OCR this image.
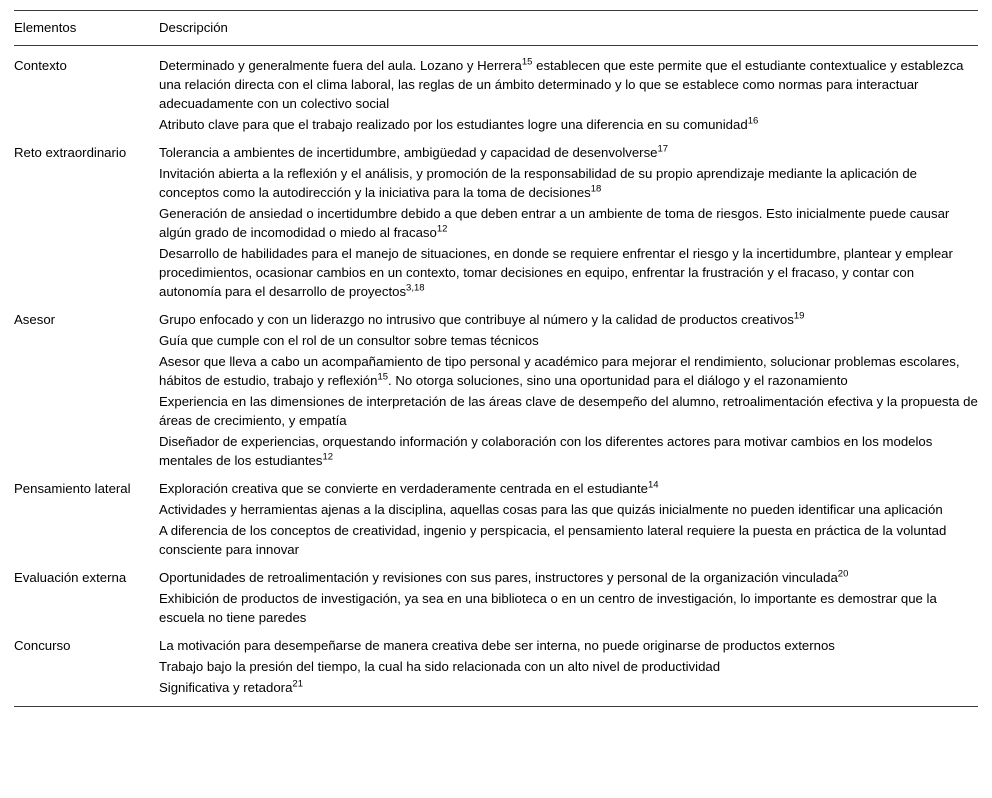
Elementos	Descripción

Contexto	Determinado y generalmente fuera del aula. Lozano y Herrera$^{15}$ establecen que este permite que el estudiante contextualice y establezca una relación directa con el clima laboral, las reglas de un ámbito determinado y lo que se establece como normas para interactuar adecuadamente con un colectivo social
Atributo clave para que el trabajo realizado por los estudiantes logre una diferencia en su comunidad$^{16}$

Reto extraordinario	Tolerancia a ambientes de incertidumbre, ambigüedad y capacidad de desenvolverse$^{17}$
Invitación abierta a la reflexión y el análisis, y promoción de la responsabilidad de su propio aprendizaje mediante la aplicación de conceptos como la autodirección y la iniciativa para la toma de decisiones$^{18}$
Generación de ansiedad o incertidumbre debido a que deben entrar a un ambiente de toma de riesgos. Esto inicialmente puede causar algún grado de incomodidad o miedo al fracaso$^{12}$
Desarrollo de habilidades para el manejo de situaciones, en donde se requiere enfrentar el riesgo y la incertidumbre, plantear y emplear procedimientos, ocasionar cambios en un contexto, tomar decisiones en equipo, enfrentar la frustración y el fracaso, y contar con autonomía para el desarrollo de proyectos$^{3,18}$

Asesor	Grupo enfocado y con un liderazgo no intrusivo que contribuye al número y la calidad de productos creativos$^{19}$
Guía que cumple con el rol de un consultor sobre temas técnicos
Asesor que lleva a cabo un acompañamiento de tipo personal y académico para mejorar el rendimiento, solucionar problemas escolares, hábitos de estudio, trabajo y reflexión$^{15}$. No otorga soluciones, sino una oportunidad para el diálogo y el razonamiento
Experiencia en las dimensiones de interpretación de las áreas clave de desempeño del alumno, retroalimentación efectiva y la propuesta de áreas de crecimiento, y empatía
Diseñador de experiencias, orquestando información y colaboración con los diferentes actores para motivar cambios en los modelos mentales de los estudiantes$^{12}$

Pensamiento lateral	Exploración creativa que se convierte en verdaderamente centrada en el estudiante$^{14}$
Actividades y herramientas ajenas a la disciplina, aquellas cosas para las que quizás inicialmente no pueden identificar una aplicación
A diferencia de los conceptos de creatividad, ingenio y perspicacia, el pensamiento lateral requiere la puesta en práctica de la voluntad consciente para innovar

Evaluación externa	Oportunidades de retroalimentación y revisiones con sus pares, instructores y personal de la organización vinculada$^{20}$
Exhibición de productos de investigación, ya sea en una biblioteca o en un centro de investigación, lo importante es demostrar que la escuela no tiene paredes

Concurso	La motivación para desempeñarse de manera creativa debe ser interna, no puede originarse de productos externos
Trabajo bajo la presión del tiempo, la cual ha sido relacionada con un alto nivel de productividad
Significativa y retadora$^{21}$
